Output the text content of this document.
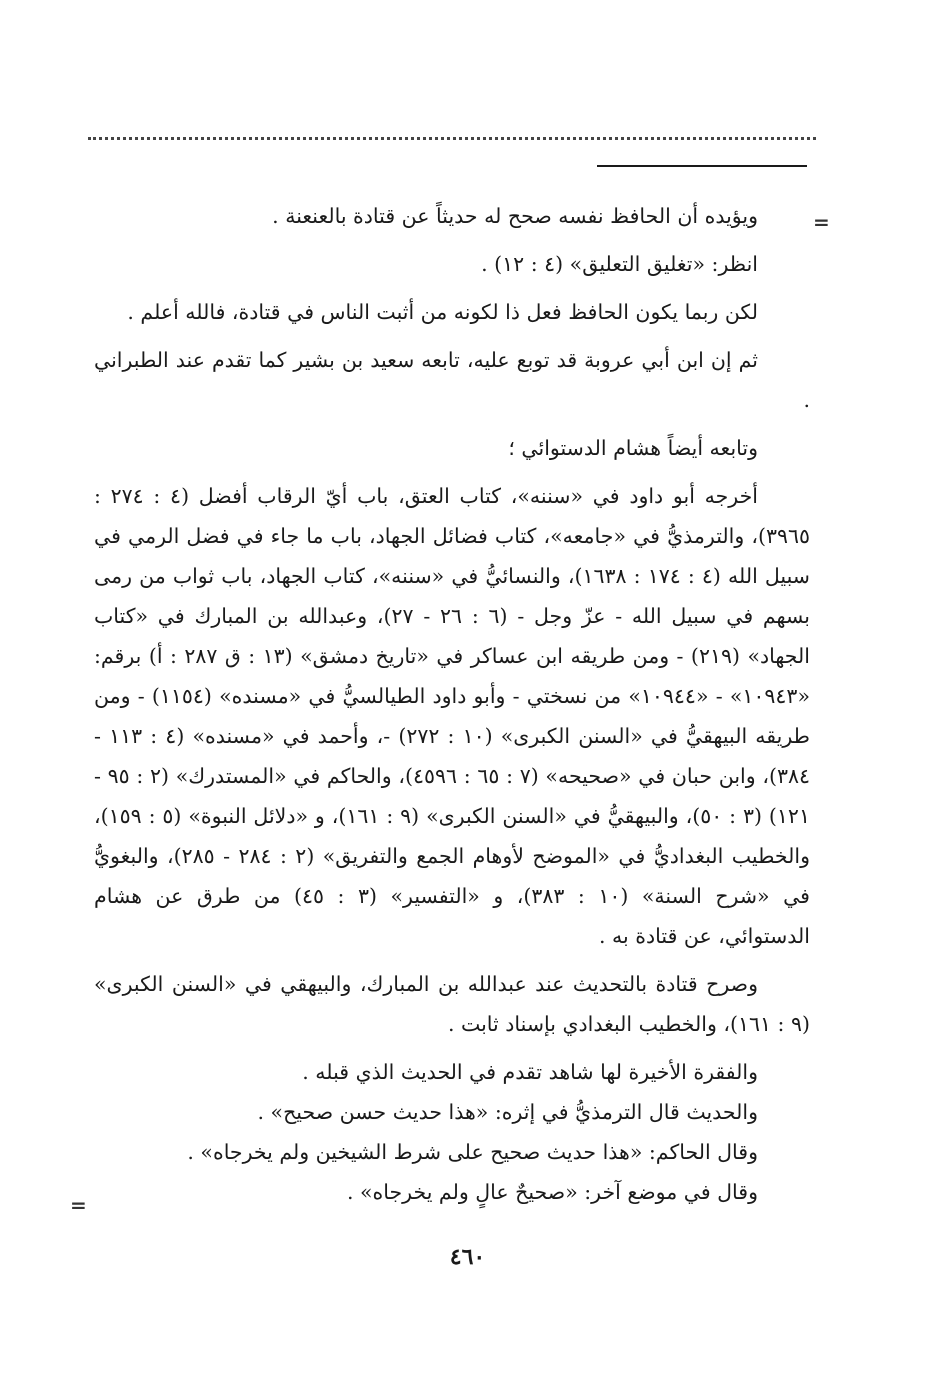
=
=

ويؤيده أن الحافظ نفسه صحح له حديثاً عن قتادة بالعنعنة .

انظر: «تغليق التعليق» (٤ : ١٢) .

لكن ربما يكون الحافظ فعل ذا لكونه من أثبت الناس في قتادة، فالله أعلم .

ثم إن ابن أبي عروبة قد توبع عليه، تابعه سعيد بن بشير كما تقدم عند الطبراني .

وتابعه أيضاً هشام الدستوائي ؛

أخرجه أبو داود في «سننه»، كتاب العتق، باب أيّ الرقاب أفضل (٤ : ٢٧٤ : ٣٩٦٥)، والترمذيُّ في «جامعه»، كتاب فضائل الجهاد، باب ما جاء في فضل الرمي في سبيل الله (٤ : ١٧٤ : ١٦٣٨)، والنسائيُّ في «سننه»، كتاب الجهاد، باب ثواب من رمى بسهم في سبيل الله - عزّ وجل - (٦ : ٢٦ - ٢٧)، وعبدالله بن المبارك في «كتاب الجهاد» (٢١٩) - ومن طريقه ابن عساكر في «تاريخ دمشق» (١٣ : ق ٢٨٧ : أ) برقم: «١٠٩٤٣» - «١٠٩٤٤» من نسختي - وأبو داود الطيالسيُّ في «مسنده» (١١٥٤) - ومن طريقه البيهقيُّ في «السنن الكبرى» (١٠ : ٢٧٢) -، وأحمد في «مسنده» (٤ : ١١٣ - ٣٨٤)، وابن حبان في «صحيحه» (٧ : ٦٥ : ٤٥٩٦)، والحاكم في «المستدرك» (٢ : ٩٥ - ١٢١) (٣ : ٥٠)، والبيهقيُّ في «السنن الكبرى» (٩ : ١٦١)، و «دلائل النبوة» (٥ : ١٥٩)، والخطيب البغداديُّ في «الموضح لأوهام الجمع والتفريق» (٢ : ٢٨٤ - ٢٨٥)، والبغويُّ في «شرح السنة» (١٠ : ٣٨٣)، و «التفسير» (٣ : ٤٥) من طرق عن هشام الدستوائي، عن قتادة به .

وصرح قتادة بالتحديث عند عبدالله بن المبارك، والبيهقي في «السنن الكبرى» (٩ : ١٦١)، والخطيب البغدادي بإسناد ثابت .

والفقرة الأخيرة لها شاهد تقدم في الحديث الذي قبله .

والحديث قال الترمذيُّ في إثره: «هذا حديث حسن صحيح» .

وقال الحاكم: «هذا حديث صحيح على شرط الشيخين ولم يخرجاه» .

وقال في موضع آخر: «صحيحٌ عالٍ ولم يخرجاه» .

٤٦٠
